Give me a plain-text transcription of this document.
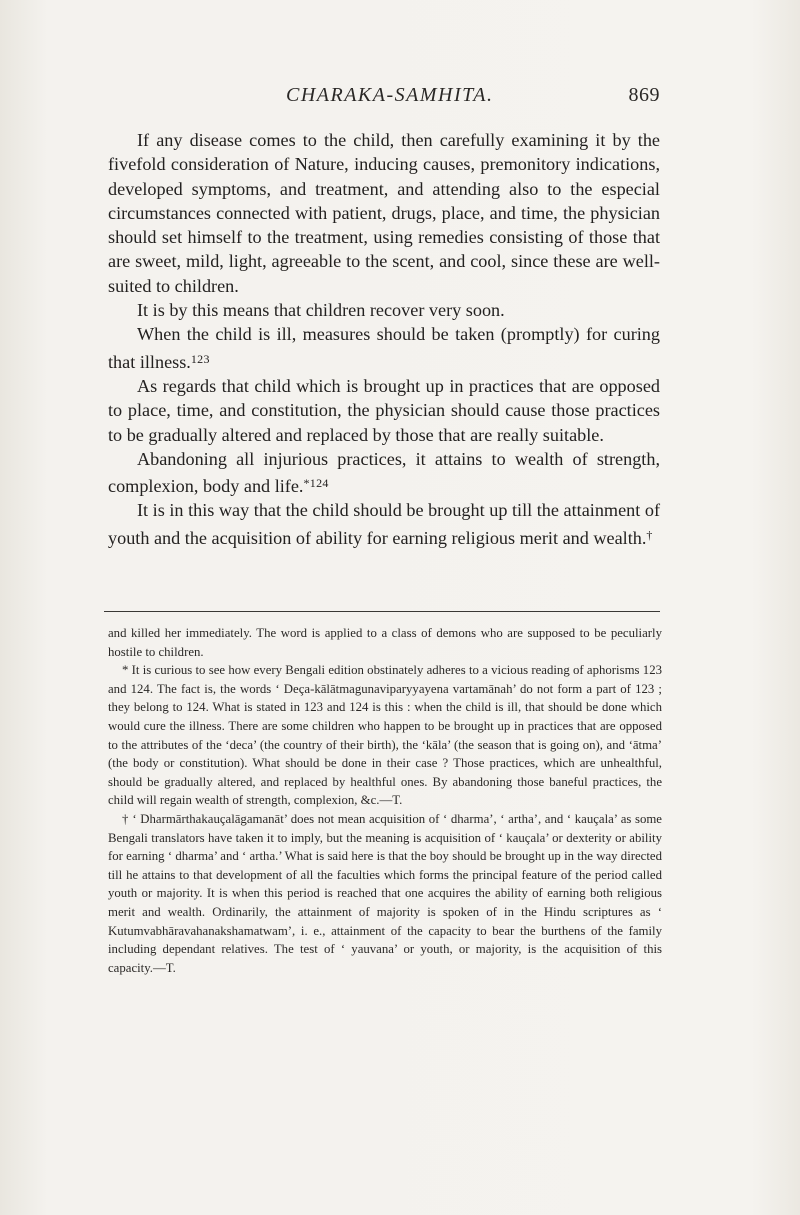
CHARAKA-SAMHITA.	869

If any disease comes to the child, then carefully examining it by the fivefold consideration of Nature, inducing causes, premonitory indications, developed symptoms, and treatment, and attending also to the especial circumstances connected with patient, drugs, place, and time, the physician should set himself to the treatment, using remedies consisting of those that are sweet, mild, light, agreeable to the scent, and cool, since these are well-suited to children.

It is by this means that children recover very soon.

When the child is ill, measures should be taken (promptly) for curing that illness.$^{123}$

As regards that child which is brought up in practices that are opposed to place, time, and constitution, the physician should cause those practices to be gradually altered and replaced by those that are really suitable.

Abandoning all injurious practices, it attains to wealth of strength, complexion, body and life.$^{*124}$

It is in this way that the child should be brought up till the attainment of youth and the acquisition of ability for earning religious merit and wealth.†

and killed her immediately. The word is applied to a class of demons who are supposed to be peculiarly hostile to children.

* It is curious to see how every Bengali edition obstinately adheres to a vicious reading of aphorisms 123 and 124. The fact is, the words ‘ Deça-kālātmagunaviparyyayena vartamānah’ do not form a part of 123 ; they belong to 124. What is stated in 123 and 124 is this : when the child is ill, that should be done which would cure the illness. There are some children who happen to be brought up in practices that are opposed to the attributes of the ‘deca’ (the country of their birth), the ‘kāla’ (the season that is going on), and ‘ātma’ (the body or constitution). What should be done in their case ? Those practices, which are unhealthful, should be gradually altered, and replaced by healthful ones. By abandoning those baneful practices, the child will regain wealth of strength, complexion, &c.—T.

† ‘ Dharmārthakauçalāgamanāt’ does not mean acquisition of ‘ dharma’, ‘ artha’, and ‘ kauçala’ as some Bengali translators have taken it to imply, but the meaning is acquisition of ‘ kauçala’ or dexterity or ability for earning ‘ dharma’ and ‘ artha.’ What is said here is that the boy should be brought up in the way directed till he attains to that development of all the faculties which forms the principal feature of the period called youth or majority. It is when this period is reached that one acquires the ability of earning both religious merit and wealth. Ordinarily, the attainment of majority is spoken of in the Hindu scriptures as ‘ Kutumvabhāravahanakshamatwam’, i. e., attainment of the capacity to bear the burthens of the family including dependant relatives. The test of ‘ yauvana’ or youth, or majority, is the acquisition of this capacity.—T.
